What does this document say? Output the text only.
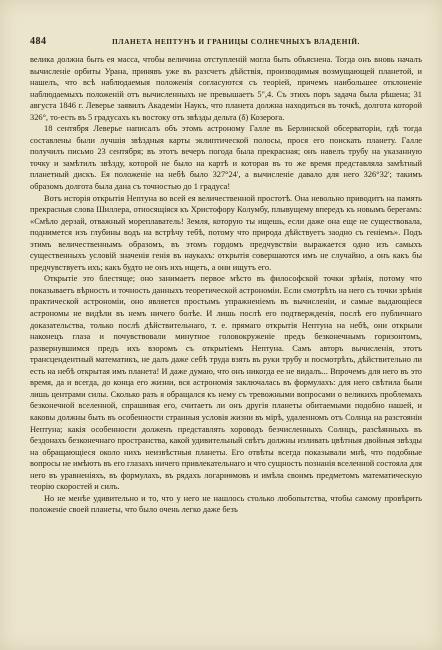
484	ПЛАНЕТА НЕПТУНЪ И ГРАНИЦЫ СОЛНЕЧНЫХЪ ВЛАДЕНІЙ.

велика должна быть ея масса, чтобы величина отступленій могла быть объяснена. Тогда онъ вновь началъ вычисленіе орбиты Урана, принявъ уже въ разсчетъ дѣйствія, производимыя возмущающей планетой, и нашелъ, что всѣ наблюдаемыя положенія согласуются съ теоріей, причемъ наибольшее отклоненіе наблюдаемыхъ положеній отъ вычисленныхъ не превышаетъ 5",4. Съ этихъ поръ задача была рѣшена; 31 августа 1846 г. Леверье заявилъ Академіи Наукъ, что планета должна находиться въ точкѣ, долгота которой 326°, то-есть въ 5 градусахъ къ востоку отъ звѣзды дельта (δ) Козерога.

18 сентября Леверье написалъ объ этомъ астроному Галле въ Берлинской обсерваторіи, гдѣ тогда составлены были лучшія звѣздныя карты эклиптической полосы, прося его поискать планету. Галле получилъ письмо 23 сентября; въ этотъ вечеръ погода была прекрасная; онъ навелъ трубу на указанную точку и замѣтилъ звѣзду, которой не было на картѣ и которая въ то же время представляла замѣтный планетный дискъ. Ея положеніе на небѣ было 327°24', а вычисленіе давало для него 326°32'; такимъ образомъ долгота была дана съ точностью до 1 градуса!

Вотъ исторія открытія Нептуна во всей ея величественной простотѣ. Она невольно приводитъ на память прекрасныя слова Шиллера, относящіяся къ Христофору Колумбу, плывущему впередъ къ новымъ берегамъ: «Смѣло дерзай, отважный мореплаватель! Земля, которую ты ищешь, если даже она еще не существовала, поднимется изъ глубины водъ на встрѣчу тебѣ, потому что природа дѣйствуетъ заодно съ геніемъ». Подъ этимъ величественнымъ образомъ, въ этомъ гордомъ предчувствіи выражается одно изъ самыхъ существенныхъ условій значенія генія въ наукахъ: открытія совершаются имъ не случайно, а онъ какъ бы предчувствуетъ ихъ; какъ будто не онъ ихъ ищетъ, а они ищутъ его.

Открытіе это блестяще; оно занимаетъ первое мѣсто въ философской точки зрѣнія, потому что показываетъ вѣрность и точность данныхъ теоретической астрономіи. Если смотрѣть на него съ точки зрѣнія практической астрономіи, оно является простымъ упражненіемъ въ вычисленіи, и самые выдающіеся астрономы не видѣли въ немъ ничего болѣе. И лишь послѣ его подтвержденія, послѣ его публичнаго доказательства, только послѣ дѣйствительнаго, т. е. прямаго открытія Нептуна на небѣ, они открыли наконецъ глаза и почувствовали минутное головокруженіе предъ безконечнымъ горизонтомъ, развернувшимся предъ ихъ взоромъ съ открытіемъ Нептуна. Самъ авторъ вычисленія, этотъ трансцендентный математикъ, не далъ даже себѣ труда взять въ руки трубу и посмотрѣть, дѣйствительно ли есть на небѣ открытая имъ планета! И даже думаю, что онъ никогда ее не видалъ... Впрочемъ для него въ это время, да и всегда, до конца его жизни, вся астрономія заключалась въ формулахъ: для него свѣтила были лишь центрами силы. Сколько разъ я обращался къ нему съ тревожными вопросами о великихъ проблемахъ безконечной вселенной, спрашивая его, считаетъ ли онъ другія планеты обитаемыми подобно нашей, и каковы должны быть въ особенности странныя условія жизни въ мірѣ, удаленномъ отъ Солнца на разстояніи Нептуна; какія особенности долженъ представлять хороводъ безчисленныхъ Солнцъ, разсѣянныхъ въ бездонахъ безконечнаго пространства, какой удивительный свѣтъ должны изливать цвѣтныя двойныя звѣзды на обращающіеся около нихъ неизвѣстныя планеты. Его отвѣты всегда показывали мнѣ, что подобные вопросы не имѣютъ въ его глазахъ ничего привлекательнаго и что сущность познанія вселенной состояла для него въ уравненіяхъ, въ формулахъ, въ рядахъ логариѳмовъ и имѣла своимъ предметомъ математическую теорію скоростей и силъ.

Но не менѣе удивительно и то, что у него не нашлось столько любопытства, чтобы самому провѣрить положеніе своей планеты, что было очень легко даже безъ
